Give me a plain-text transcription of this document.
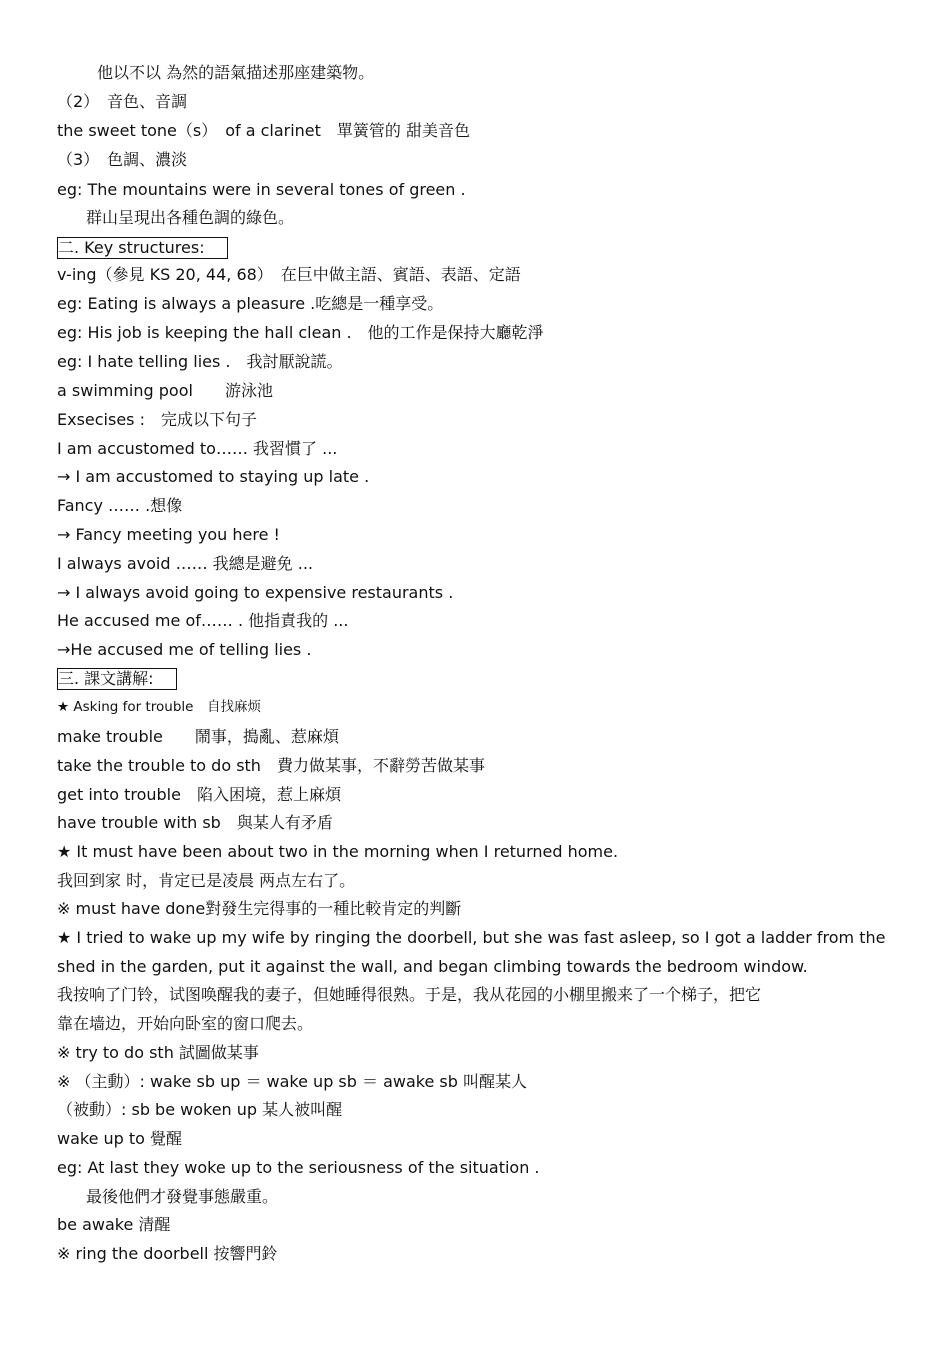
他以不以 為然的語氣描述那座建築物。
（2）　音色、音調
the sweet tone（s）　of a clarinet　單簧管的 甜美音色
（3）　色調、濃淡
eg: The mountains were in several tones of green .
群山呈現出各種色調的綠色。
二. Key structures:
v-ing（參見 KS 20, 44, 68）　在巨中做主語、賓語、表語、定語
eg: Eating is always a pleasure .吃總是一種享受。
eg: His job is keeping the hall clean .　他的工作是保持大廳乾淨
eg: I hate telling lies .　我討厭說謊。
a swimming pool　　游泳池
Exsecises :　完成以下句子
I am accustomed to…… 我習慣了 ...
→ I am accustomed to staying up late .
Fancy …… .想像
→ Fancy meeting you here !
I always avoid …… 我總是避免 ...
→ I always avoid going to expensive restaurants .
He accused me of…… . 他指責我的 ...
→He accused me of telling lies .
三. 課文講解:
★ Asking for trouble　自找麻烦
make trouble　　鬧事，搗亂、惹麻煩
take the trouble to do sth　費力做某事，不辭勞苦做某事
get into trouble　陷入困境，惹上麻煩
have trouble with sb　與某人有矛盾
★ It must have been about two in the morning when I returned home.
我回到家 时，肯定已是凌晨 两点左右了。
※ must have done對發生完得事的一種比較肯定的判斷
★ I tried to wake up my wife by ringing the doorbell, but she was fast asleep, so I got a ladder from the
shed in the garden, put it against the wall, and began climbing towards the bedroom window.
我按响了门铃，试图唤醒我的妻子，但她睡得很熟。于是，我从花园的小棚里搬来了一个梯子，把它
靠在墙边，开始向卧室的窗口爬去。
※ try to do sth 試圖做某事
※ （主動）: wake sb up ＝ wake up sb ＝ awake sb 叫醒某人
（被動）: sb be woken up 某人被叫醒
wake up to 覺醒
eg: At last they woke up to the seriousness of the situation .
最後他們才發覺事態嚴重。
be awake 清醒
※ ring the doorbell 按響門鈴
